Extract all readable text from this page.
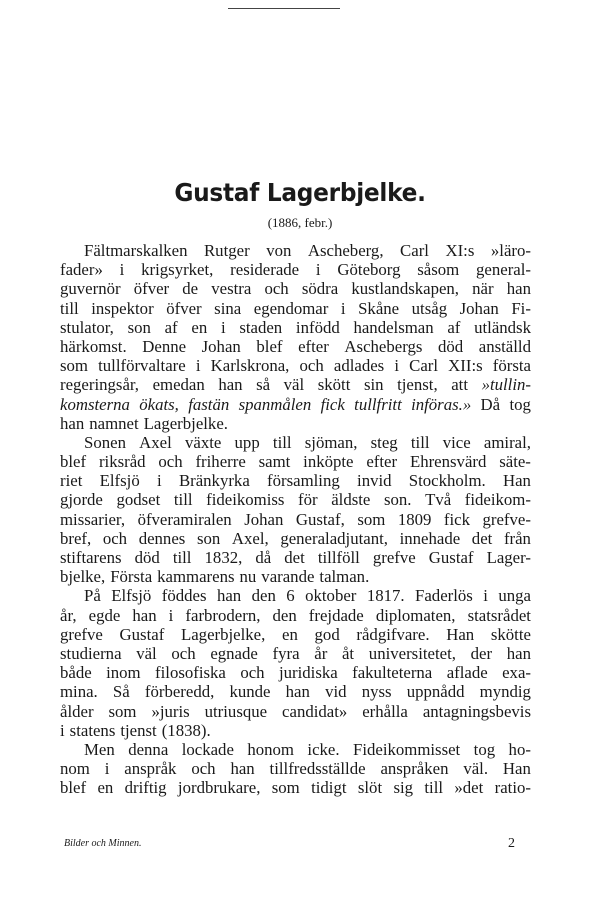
Gustaf Lagerbjelke.
(1886, febr.)
Fältmarskalken Rutger von Ascheberg, Carl XI:s »läro-
fader» i krigsyrket, residerade i Göteborg såsom general-
guvernör öfver de vestra och södra kustlandskapen, när han
till inspektor öfver sina egendomar i Skåne utsåg Johan Fi-
stulator, son af en i staden infödd handelsman af utländsk
härkomst. Denne Johan blef efter Aschebergs död anställd
som tullförvaltare i Karlskrona, och adlades i Carl XII:s första
regeringsår, emedan han så väl skött sin tjenst, att »tullin-
komsterna ökats, fastän spanmålen fick tullfritt införas.» Då tog
han namnet Lagerbjelke.
Sonen Axel växte upp till sjöman, steg till vice amiral,
blef riksråd och friherre samt inköpte efter Ehrensvärd säte-
riet Elfsjö i Bränkyrka församling invid Stockholm. Han
gjorde godset till fideikomiss för äldste son. Två fideikom-
missarier, öfveramiralen Johan Gustaf, som 1809 fick grefve-
bref, och dennes son Axel, generaladjutant, innehade det från
stiftarens död till 1832, då det tillföll grefve Gustaf Lager-
bjelke, Första kammarens nu varande talman.
På Elfsjö föddes han den 6 oktober 1817. Faderlös i unga
år, egde han i farbrodern, den frejdade diplomaten, statsrådet
grefve Gustaf Lagerbjelke, en god rådgifvare. Han skötte
studierna väl och egnade fyra år åt universitetet, der han
både inom filosofiska och juridiska fakulteterna aflade exa-
mina. Så förberedd, kunde han vid nyss uppnådd myndig
ålder som »juris utriusque candidat» erhålla antagningsbevis
i statens tjenst (1838).
Men denna lockade honom icke. Fideikommisset tog ho-
nom i anspråk och han tillfredsställde anspråken väl. Han
blef en driftig jordbrukare, som tidigt slöt sig till »det ratio-
Bilder och Minnen.	2
